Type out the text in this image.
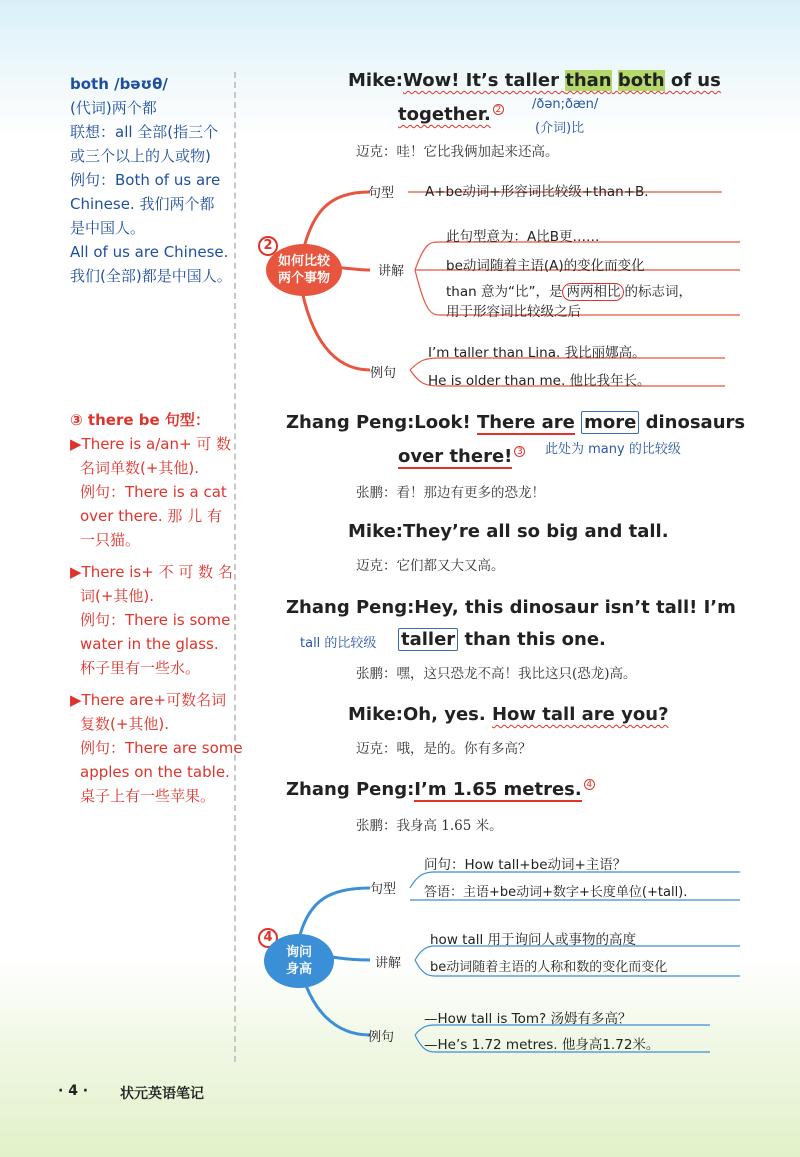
both /bəʊθ/
(代词)两个都
联想：all 全部(指三个
或三个以上的人或物)
例句：Both of us are
Chinese. 我们两个都
是中国人。
All of us are Chinese.
我们(全部)都是中国人。
③ there be 句型：
▶There is a/an+ 可 数
名词单数(+其他).
例句：There is a cat
over there. 那 儿 有
一只猫。
▶There is+ 不 可 数 名
词(+其他).
例句：There is some
water in the glass.
杯子里有一些水。
▶There are+可数名词
复数(+其他).
例句：There are some
apples on the table.
桌子上有一些苹果。
Mike:Wow! It’s taller than both of us
together. 2 /ðən;ðæn/
(介词)比
迈克：哇！它比我俩加起来还高。
2
如何比较
两个事物
句型
讲解
例句
A+be动词+形容词比较级+than+B.
此句型意为：A比B更……
be动词随着主语(A)的变化而变化
than 意为“比”，是 两两相比 的标志词，
用于形容词比较级之后
I’m taller than Lina. 我比丽娜高。
He is older than me. 他比我年长。
Zhang Peng:Look! There are more dinosaurs
over there! 3 此处为 many 的比较级
张鹏：看！那边有更多的恐龙！
Mike:They’re all so big and tall.
迈克：它们都又大又高。
Zhang Peng:Hey, this dinosaur isn’t tall! I’m
tall 的比较级 taller than this one.
张鹏：嘿，这只恐龙不高！我比这只(恐龙)高。
Mike:Oh, yes. How tall are you?
迈克：哦，是的。你有多高？
Zhang Peng:I’m 1.65 metres. 4
张鹏：我身高 1.65 米。
4
询问
身高
句型
讲解
例句
问句：How tall+be动词+主语？
答语：主语+be动词+数字+长度单位(+tall).
how tall 用于询问人或事物的高度
be动词随着主语的人称和数的变化而变化
—How tall is Tom? 汤姆有多高？
—He’s 1.72 metres. 他身高1.72米。
· 4 · 状元英语笔记
